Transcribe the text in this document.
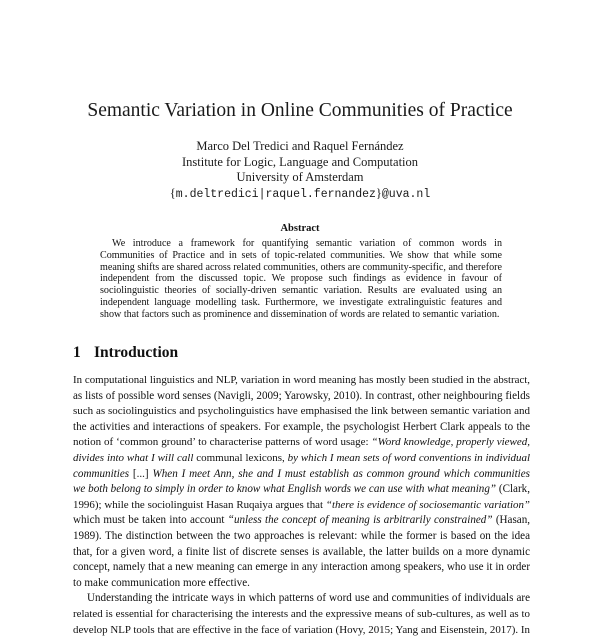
Semantic Variation in Online Communities of Practice
Marco Del Tredici and Raquel Fernández
Institute for Logic, Language and Computation
University of Amsterdam
{m.deltredici|raquel.fernandez}@uva.nl
Abstract
We introduce a framework for quantifying semantic variation of common words in Communities of Practice and in sets of topic-related communities. We show that while some meaning shifts are shared across related communities, others are community-specific, and therefore independent from the discussed topic. We propose such findings as evidence in favour of sociolinguistic theories of socially-driven semantic variation. Results are evaluated using an independent language modelling task. Furthermore, we investigate extralinguistic features and show that factors such as prominence and dissemination of words are related to semantic variation.
1 Introduction

In computational linguistics and NLP, variation in word meaning has mostly been studied in the abstract,
as lists of possible word senses (Navigli, 2009; Yarowsky, 2010). In contrast, other neighbouring fields
such as sociolinguistics and psycholinguistics have emphasised the link between semantic variation and
the activities and interactions of speakers. For example, the psychologist Herbert Clark appeals to the
notion of ‘common ground’ to characterise patterns of word usage: “Word knowledge, properly viewed,
divides into what I will call communal lexicons, by which I mean sets of word conventions in individual
communities [...] When I meet Ann, she and I must establish as common ground which communities
we both belong to simply in order to know what English words we can use with what meaning” (Clark,
1996); while the sociolinguist Hasan Ruqaiya argues that “there is evidence of sociosemantic variation”
which must be taken into account “unless the concept of meaning is arbitrarily constrained” (Hasan,
1989). The distinction between the two approaches is relevant: while the former is based on the idea
that, for a given word, a finite list of discrete senses is available, the latter builds on a more dynamic
concept, namely that a new meaning can emerge in any interaction among speakers, who use it in order
to make communication more effective.

Understanding the intricate ways in which patterns of word use and communities of individuals are
related is essential for characterising the interests and the expressive means of sub-cultures, as well as to
develop NLP tools that are effective in the face of variation (Hovy, 2015; Yang and Eisenstein, 2017). In
